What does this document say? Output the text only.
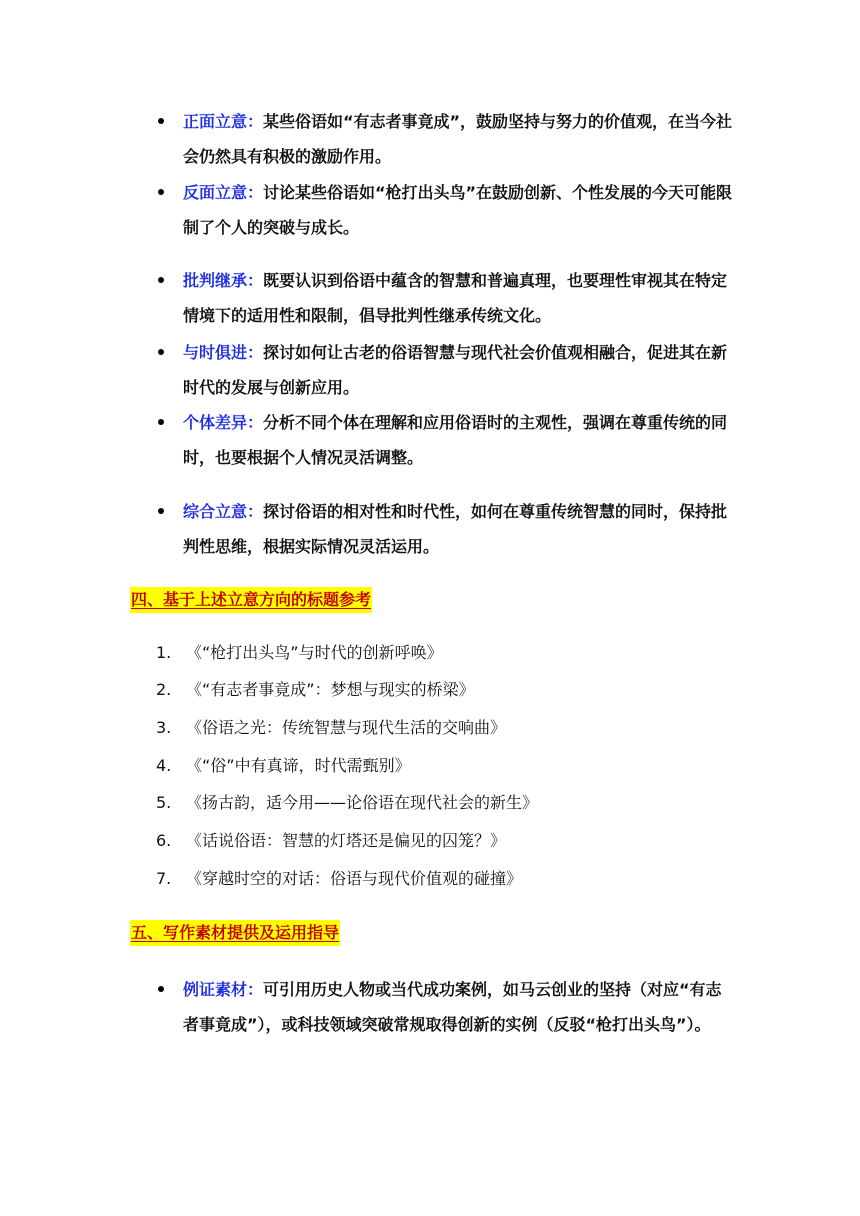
正面立意：某些俗语如“有志者事竟成”，鼓励坚持与努力的价值观，在当今社会仍然具有积极的激励作用。
反面立意：讨论某些俗语如“枪打出头鸟”在鼓励创新、个性发展的今天可能限制了个人的突破与成长。
批判继承：既要认识到俗语中蕴含的智慧和普遍真理，也要理性审视其在特定情境下的适用性和限制，倡导批判性继承传统文化。
与时俱进：探讨如何让古老的俗语智慧与现代社会价值观相融合，促进其在新时代的发展与创新应用。
个体差异：分析不同个体在理解和应用俗语时的主观性，强调在尊重传统的同时，也要根据个人情况灵活调整。
综合立意：探讨俗语的相对性和时代性，如何在尊重传统智慧的同时，保持批判性思维，根据实际情况灵活运用。
四、基于上述立意方向的标题参考
1. 《“枪打出头鸟”与时代的创新呼唤》
2. 《“有志者事竟成”：梦想与现实的桥梁》
3. 《俗语之光：传统智慧与现代生活的交响曲》
4. 《“俗”中有真谛，时代需甄别》
5. 《扬古韵，适今用——论俗语在现代社会的新生》
6. 《话说俗语：智慧的灯塔还是偏见的囚笼？》
7. 《穿越时空的对话：俗语与现代价值观的碰撞》
五、写作素材提供及运用指导
例证素材：可引用历史人物或当代成功案例，如马云创业的坚持（对应“有志者事竟成”），或科技领域突破常规取得创新的实例（反驳“枪打出头鸟”）。
